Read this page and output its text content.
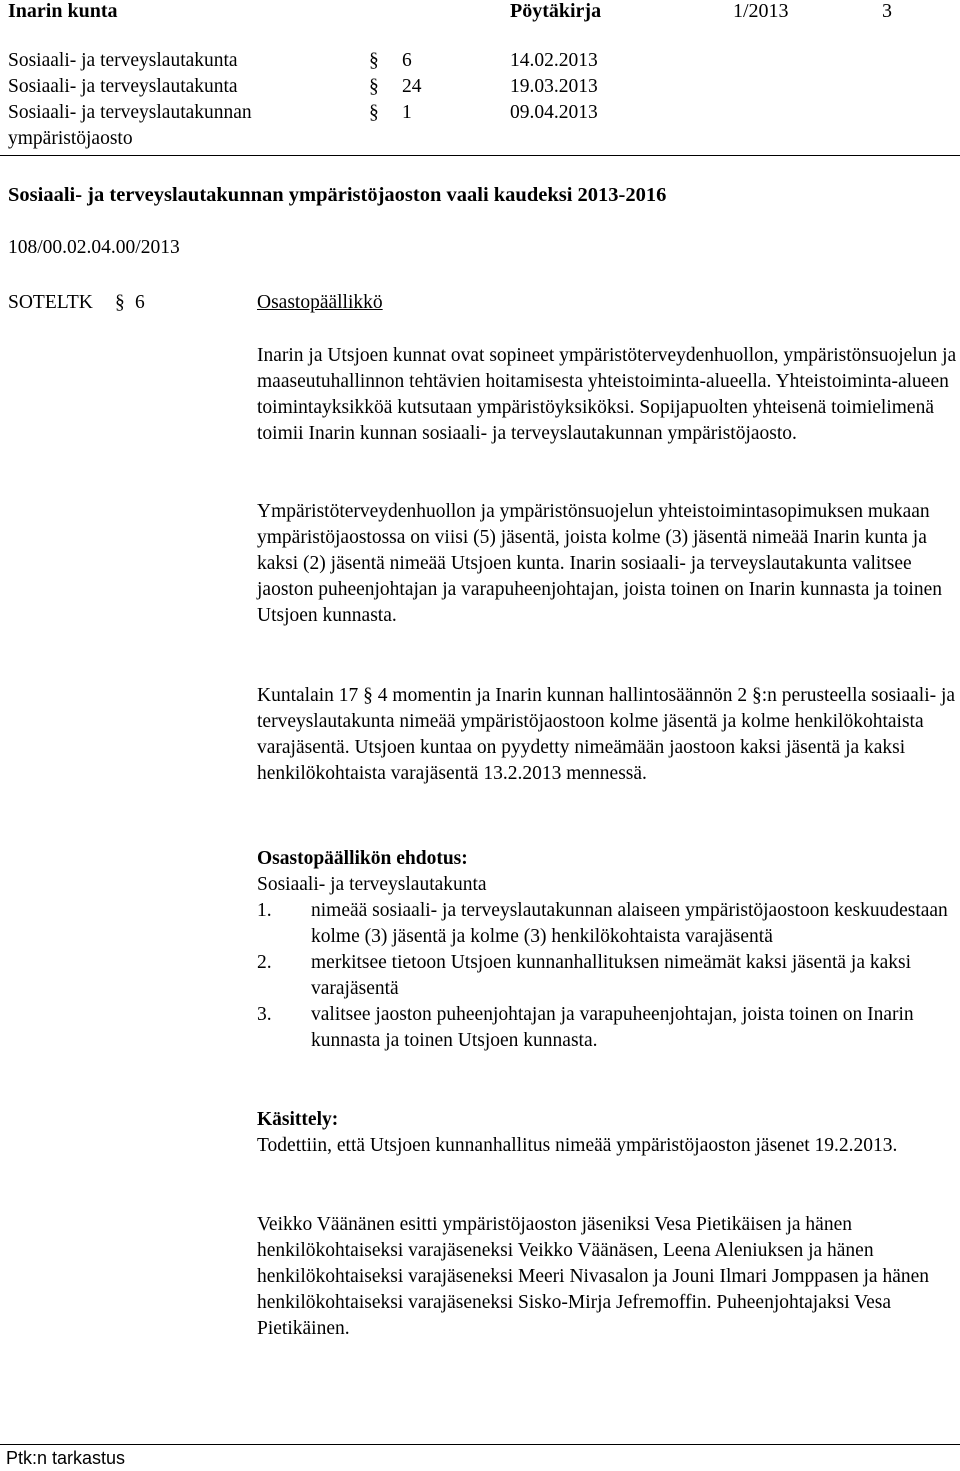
Inarin kunta	Pöytäkirja	1/2013	3
Sosiaali- ja terveyslautakunta	§ 6	14.02.2013
Sosiaali- ja terveyslautakunta	§ 24	19.03.2013
Sosiaali- ja terveyslautakunnan	§ 1	09.04.2013
ympäristöjaosto
Sosiaali- ja terveyslautakunnan ympäristöjaoston vaali kaudeksi 2013-2016
108/00.02.04.00/2013
SOTELTK § 6	Osastopäällikkö

Inarin ja Utsjoen kunnat ovat sopineet ympäristöterveydenhuollon, ympäristönsuojelun ja maaseutuhallinnon tehtävien hoitamisesta yhteistoiminta-alueella. Yhteistoiminta-alueen toimintayksikköä kutsutaan ympäristöyksiköksi. Sopijapuolten yhteisenä toimielimenä toimii Inarin kunnan sosiaali- ja terveyslautakunnan ympäristöjaosto.

Ympäristöterveydenhuollon ja ympäristönsuojelun yhteistoimintasopimuksen mukaan ympäristöjaostossa on viisi (5) jäsentä, joista kolme (3) jäsentä nimeää Inarin kunta ja kaksi (2) jäsentä nimeää Utsjoen kunta. Inarin sosiaali- ja terveyslautakunta valitsee jaoston puheenjohtajan ja varapuheenjohtajan, joista toinen on Inarin kunnasta ja toinen Utsjoen kunnasta.

Kuntalain 17 § 4 momentin ja Inarin kunnan hallintosäännön 2 §:n perusteella sosiaali- ja terveyslautakunta nimeää ympäristöjaostoon kolme jäsentä ja kolme henkilökohtaista varajäsentä. Utsjoen kuntaa on pyydetty nimeämään jaostoon kaksi jäsentä ja kaksi henkilökohtaista varajäsentä 13.2.2013 mennessä.

Osastopäällikön ehdotus:

Sosiaali- ja terveyslautakunta

1. nimeää sosiaali- ja terveyslautakunnan alaiseen ympäristöjaostoon keskuudestaan kolme (3) jäsentä ja kolme (3) henkilökohtaista varajäsentä
2. merkitsee tietoon Utsjoen kunnanhallituksen nimeämät kaksi jäsentä ja kaksi varajäsentä
3. valitsee jaoston puheenjohtajan ja varapuheenjohtajan, joista toinen on Inarin kunnasta ja toinen Utsjoen kunnasta.

Käsittely:

Todettiin, että Utsjoen kunnanhallitus nimeää ympäristöjaoston jäsenet 19.2.2013.

Veikko Väänänen esitti ympäristöjaoston jäseniksi Vesa Pietikäisen ja hänen henkilökohtaiseksi varajäseneksi Veikko Väänäsen, Leena Aleniuksen ja hänen henkilökohtaiseksi varajäseneksi Meeri Nivasalon ja Jouni Ilmari Jomppasen ja hänen henkilökohtaiseksi varajäseneksi Sisko-Mirja Jefremoffin. Puheenjohtajaksi Vesa Pietikäinen.

Ptk:n tarkastus
